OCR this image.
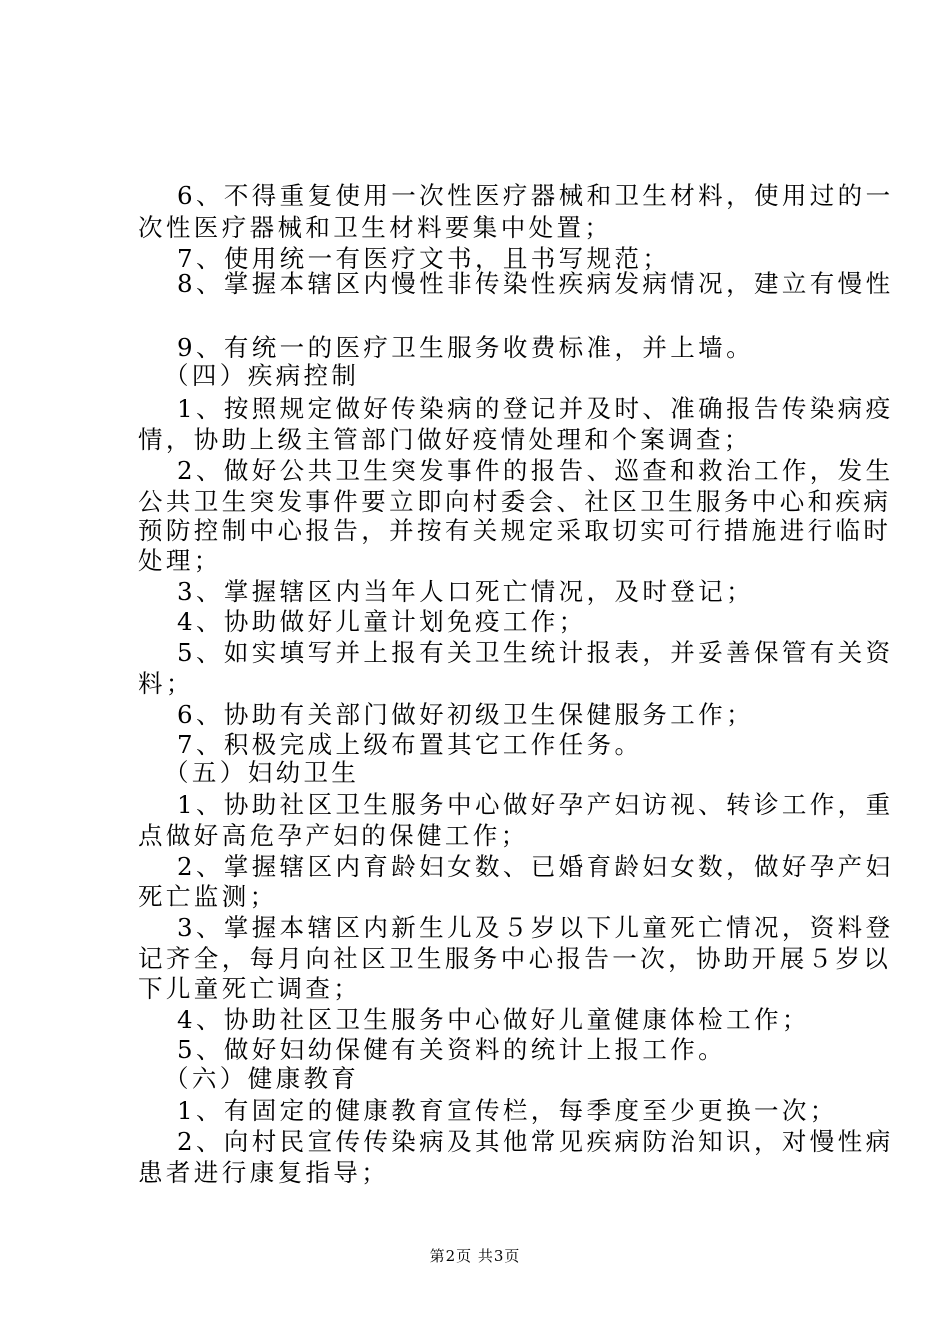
6、不得重复使用一次性医疗器械和卫生材料，使用过的一
次性医疗器械和卫生材料要集中处置；
7、使用统一有医疗文书，且书写规范；
8、掌握本辖区内慢性非传染性疾病发病情况，建立有慢性
9、有统一的医疗卫生服务收费标准，并上墙。
（四）疾病控制
1、按照规定做好传染病的登记并及时、准确报告传染病疫
情，协助上级主管部门做好疫情处理和个案调查；
2、做好公共卫生突发事件的报告、巡查和救治工作，发生
公共卫生突发事件要立即向村委会、社区卫生服务中心和疾病
预防控制中心报告，并按有关规定采取切实可行措施进行临时
处理；
3、掌握辖区内当年人口死亡情况，及时登记；
4、协助做好儿童计划免疫工作；
5、如实填写并上报有关卫生统计报表，并妥善保管有关资
料；
6、协助有关部门做好初级卫生保健服务工作；
7、积极完成上级布置其它工作任务。
（五）妇幼卫生
1、协助社区卫生服务中心做好孕产妇访视、转诊工作，重
点做好高危孕产妇的保健工作；
2、掌握辖区内育龄妇女数、已婚育龄妇女数，做好孕产妇
死亡监测；
3、掌握本辖区内新生儿及５岁以下儿童死亡情况，资料登
记齐全，每月向社区卫生服务中心报告一次，协助开展５岁以
下儿童死亡调查；
4、协助社区卫生服务中心做好儿童健康体检工作；
5、做好妇幼保健有关资料的统计上报工作。
（六）健康教育
1、有固定的健康教育宣传栏，每季度至少更换一次；
2、向村民宣传传染病及其他常见疾病防治知识，对慢性病
患者进行康复指导；
第2页 共3页
